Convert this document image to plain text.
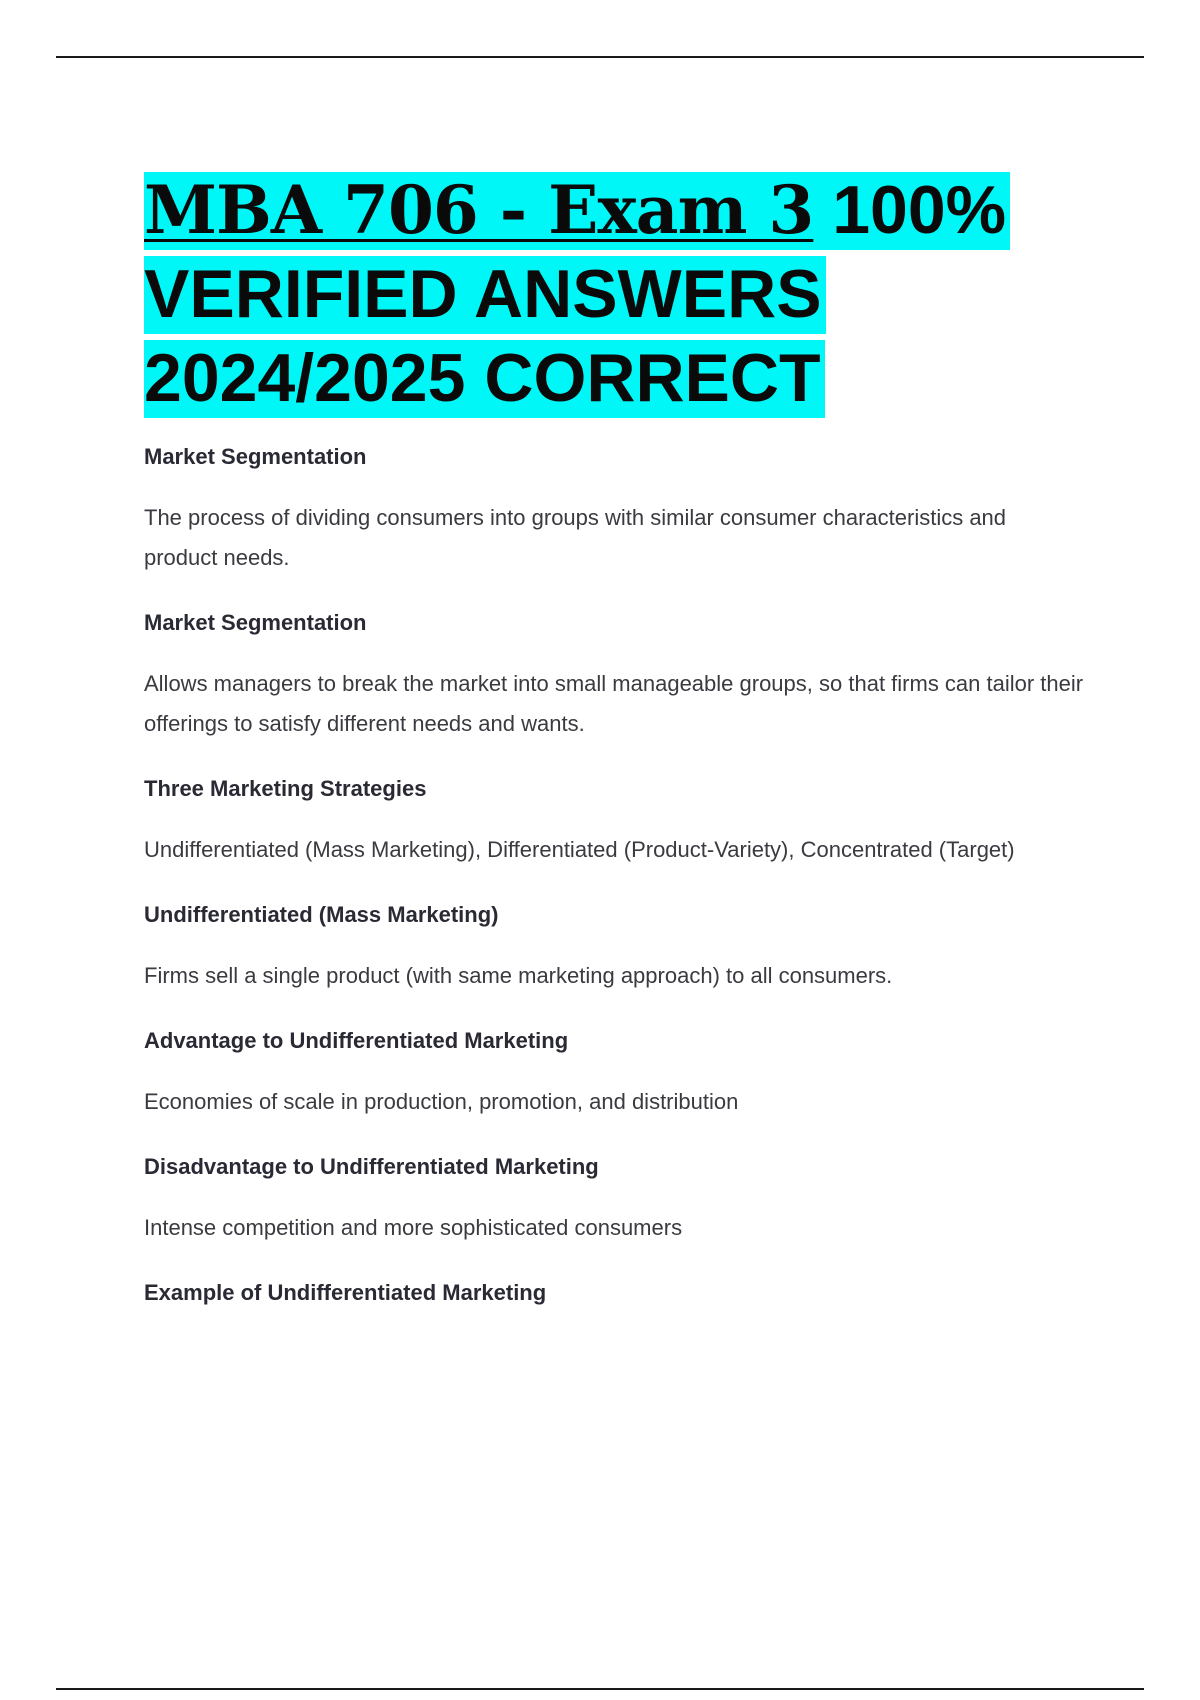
MBA 706 - Exam 3 100% VERIFIED ANSWERS 2024/2025 CORRECT

Market Segmentation

The process of dividing consumers into groups with similar consumer characteristics and product needs.

Market Segmentation

Allows managers to break the market into small manageable groups, so that firms can tailor their offerings to satisfy different needs and wants.

Three Marketing Strategies

Undifferentiated (Mass Marketing), Differentiated (Product-Variety), Concentrated (Target)

Undifferentiated (Mass Marketing)

Firms sell a single product (with same marketing approach) to all consumers.

Advantage to Undifferentiated Marketing

Economies of scale in production, promotion, and distribution

Disadvantage to Undifferentiated Marketing

Intense competition and more sophisticated consumers

Example of Undifferentiated Marketing
